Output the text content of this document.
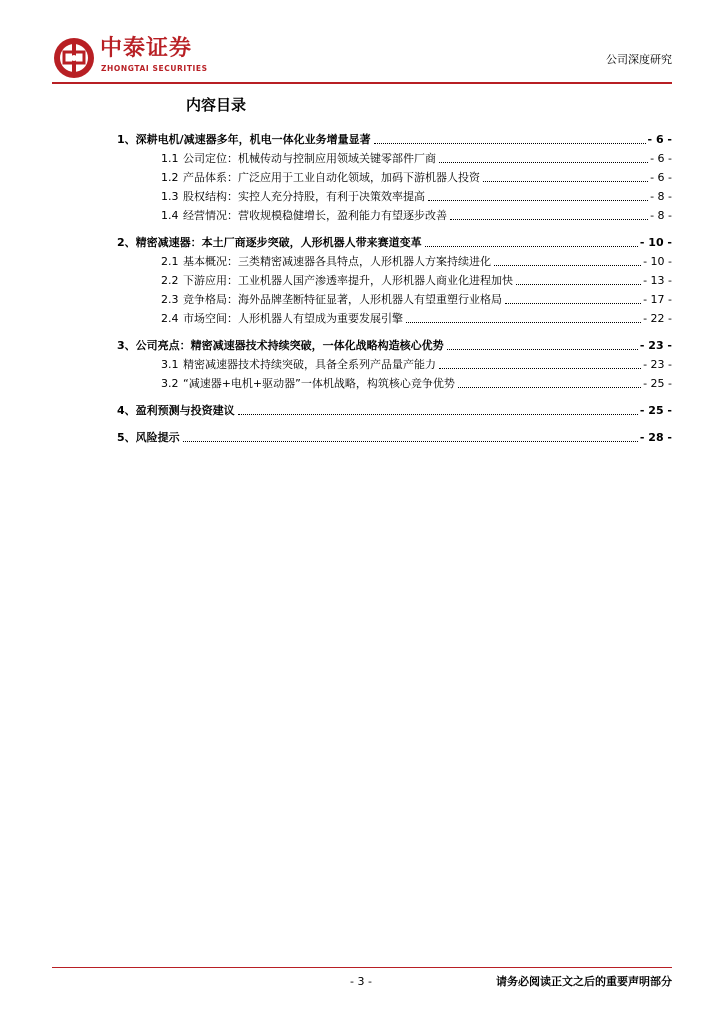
中泰证券
ZHONGTAI SECURITIES
公司深度研究
内容目录
1、 深耕电机/减速器多年，机电一体化业务增量显著	- 6 -
1.1 公司定位：机械传动与控制应用领域关键零部件厂商	- 6 -
1.2 产品体系：广泛应用于工业自动化领域，加码下游机器人投资	- 6 -
1.3 股权结构：实控人充分持股，有利于决策效率提高	- 8 -
1.4 经营情况：营收规模稳健增长，盈利能力有望逐步改善	- 8 -
2、 精密减速器：本土厂商逐步突破，人形机器人带来赛道变革	- 10 -
2.1 基本概况：三类精密减速器各具特点，人形机器人方案持续进化	- 10 -
2.2 下游应用：工业机器人国产渗透率提升，人形机器人商业化进程加快	- 13 -
2.3 竞争格局：海外品牌垄断特征显著，人形机器人有望重塑行业格局	- 17 -
2.4 市场空间：人形机器人有望成为重要发展引擎	- 22 -
3、 公司亮点：精密减速器技术持续突破，一体化战略构造核心优势	- 23 -
3.1 精密减速器技术持续突破，具备全系列产品量产能力	- 23 -
3.2 “减速器+电机+驱动器”一体机战略，构筑核心竞争优势	- 25 -
4、 盈利预测与投资建议	- 25 -
5、 风险提示	- 28 -
- 3 -	请务必阅读正文之后的重要声明部分
